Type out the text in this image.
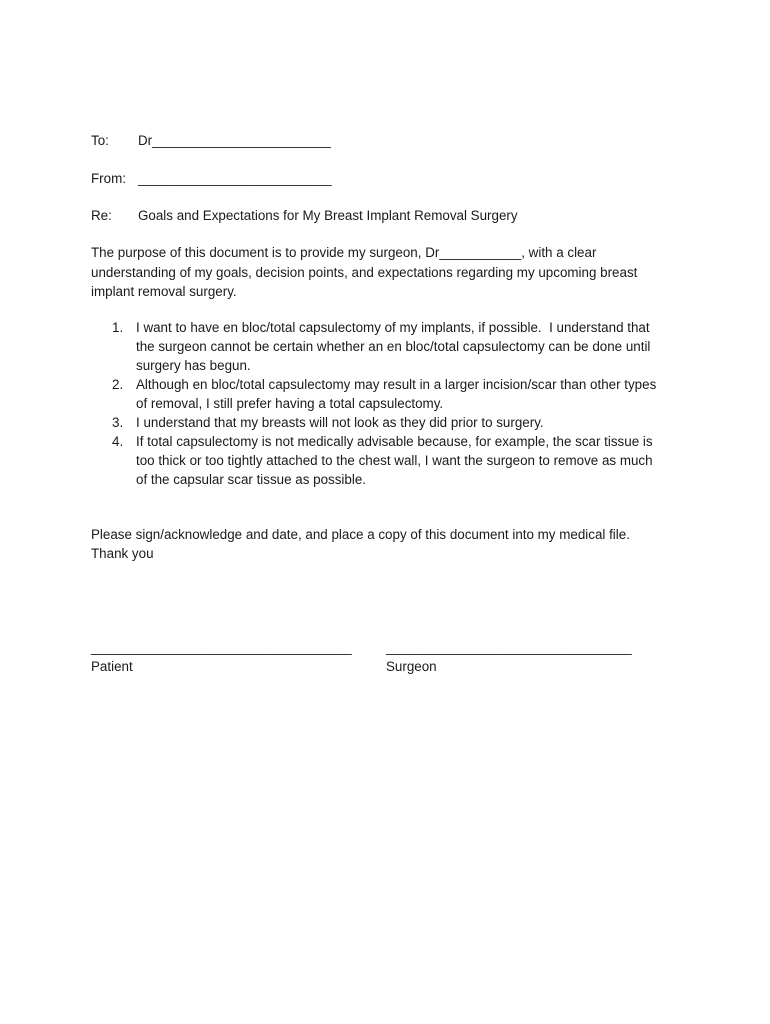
To: Dr________________________
From: __________________________
Re: Goals and Expectations for My Breast Implant Removal Surgery
The purpose of this document is to provide my surgeon, Dr___________, with a clear
understanding of my goals, decision points, and expectations regarding my upcoming breast
implant removal surgery.
1. I want to have en bloc/total capsulectomy of my implants, if possible.  I understand that
the surgeon cannot be certain whether an en bloc/total capsulectomy can be done until
surgery has begun.
2. Although en bloc/total capsulectomy may result in a larger incision/scar than other types
of removal, I still prefer having a total capsulectomy.
3. I understand that my breasts will not look as they did prior to surgery.
4. If total capsulectomy is not medically advisable because, for example, the scar tissue is
too thick or too tightly attached to the chest wall, I want the surgeon to remove as much
of the capsular scar tissue as possible.
Please sign/acknowledge and date, and place a copy of this document into my medical file.
Thank you
___________________________________
Patient
_________________________________
Surgeon
